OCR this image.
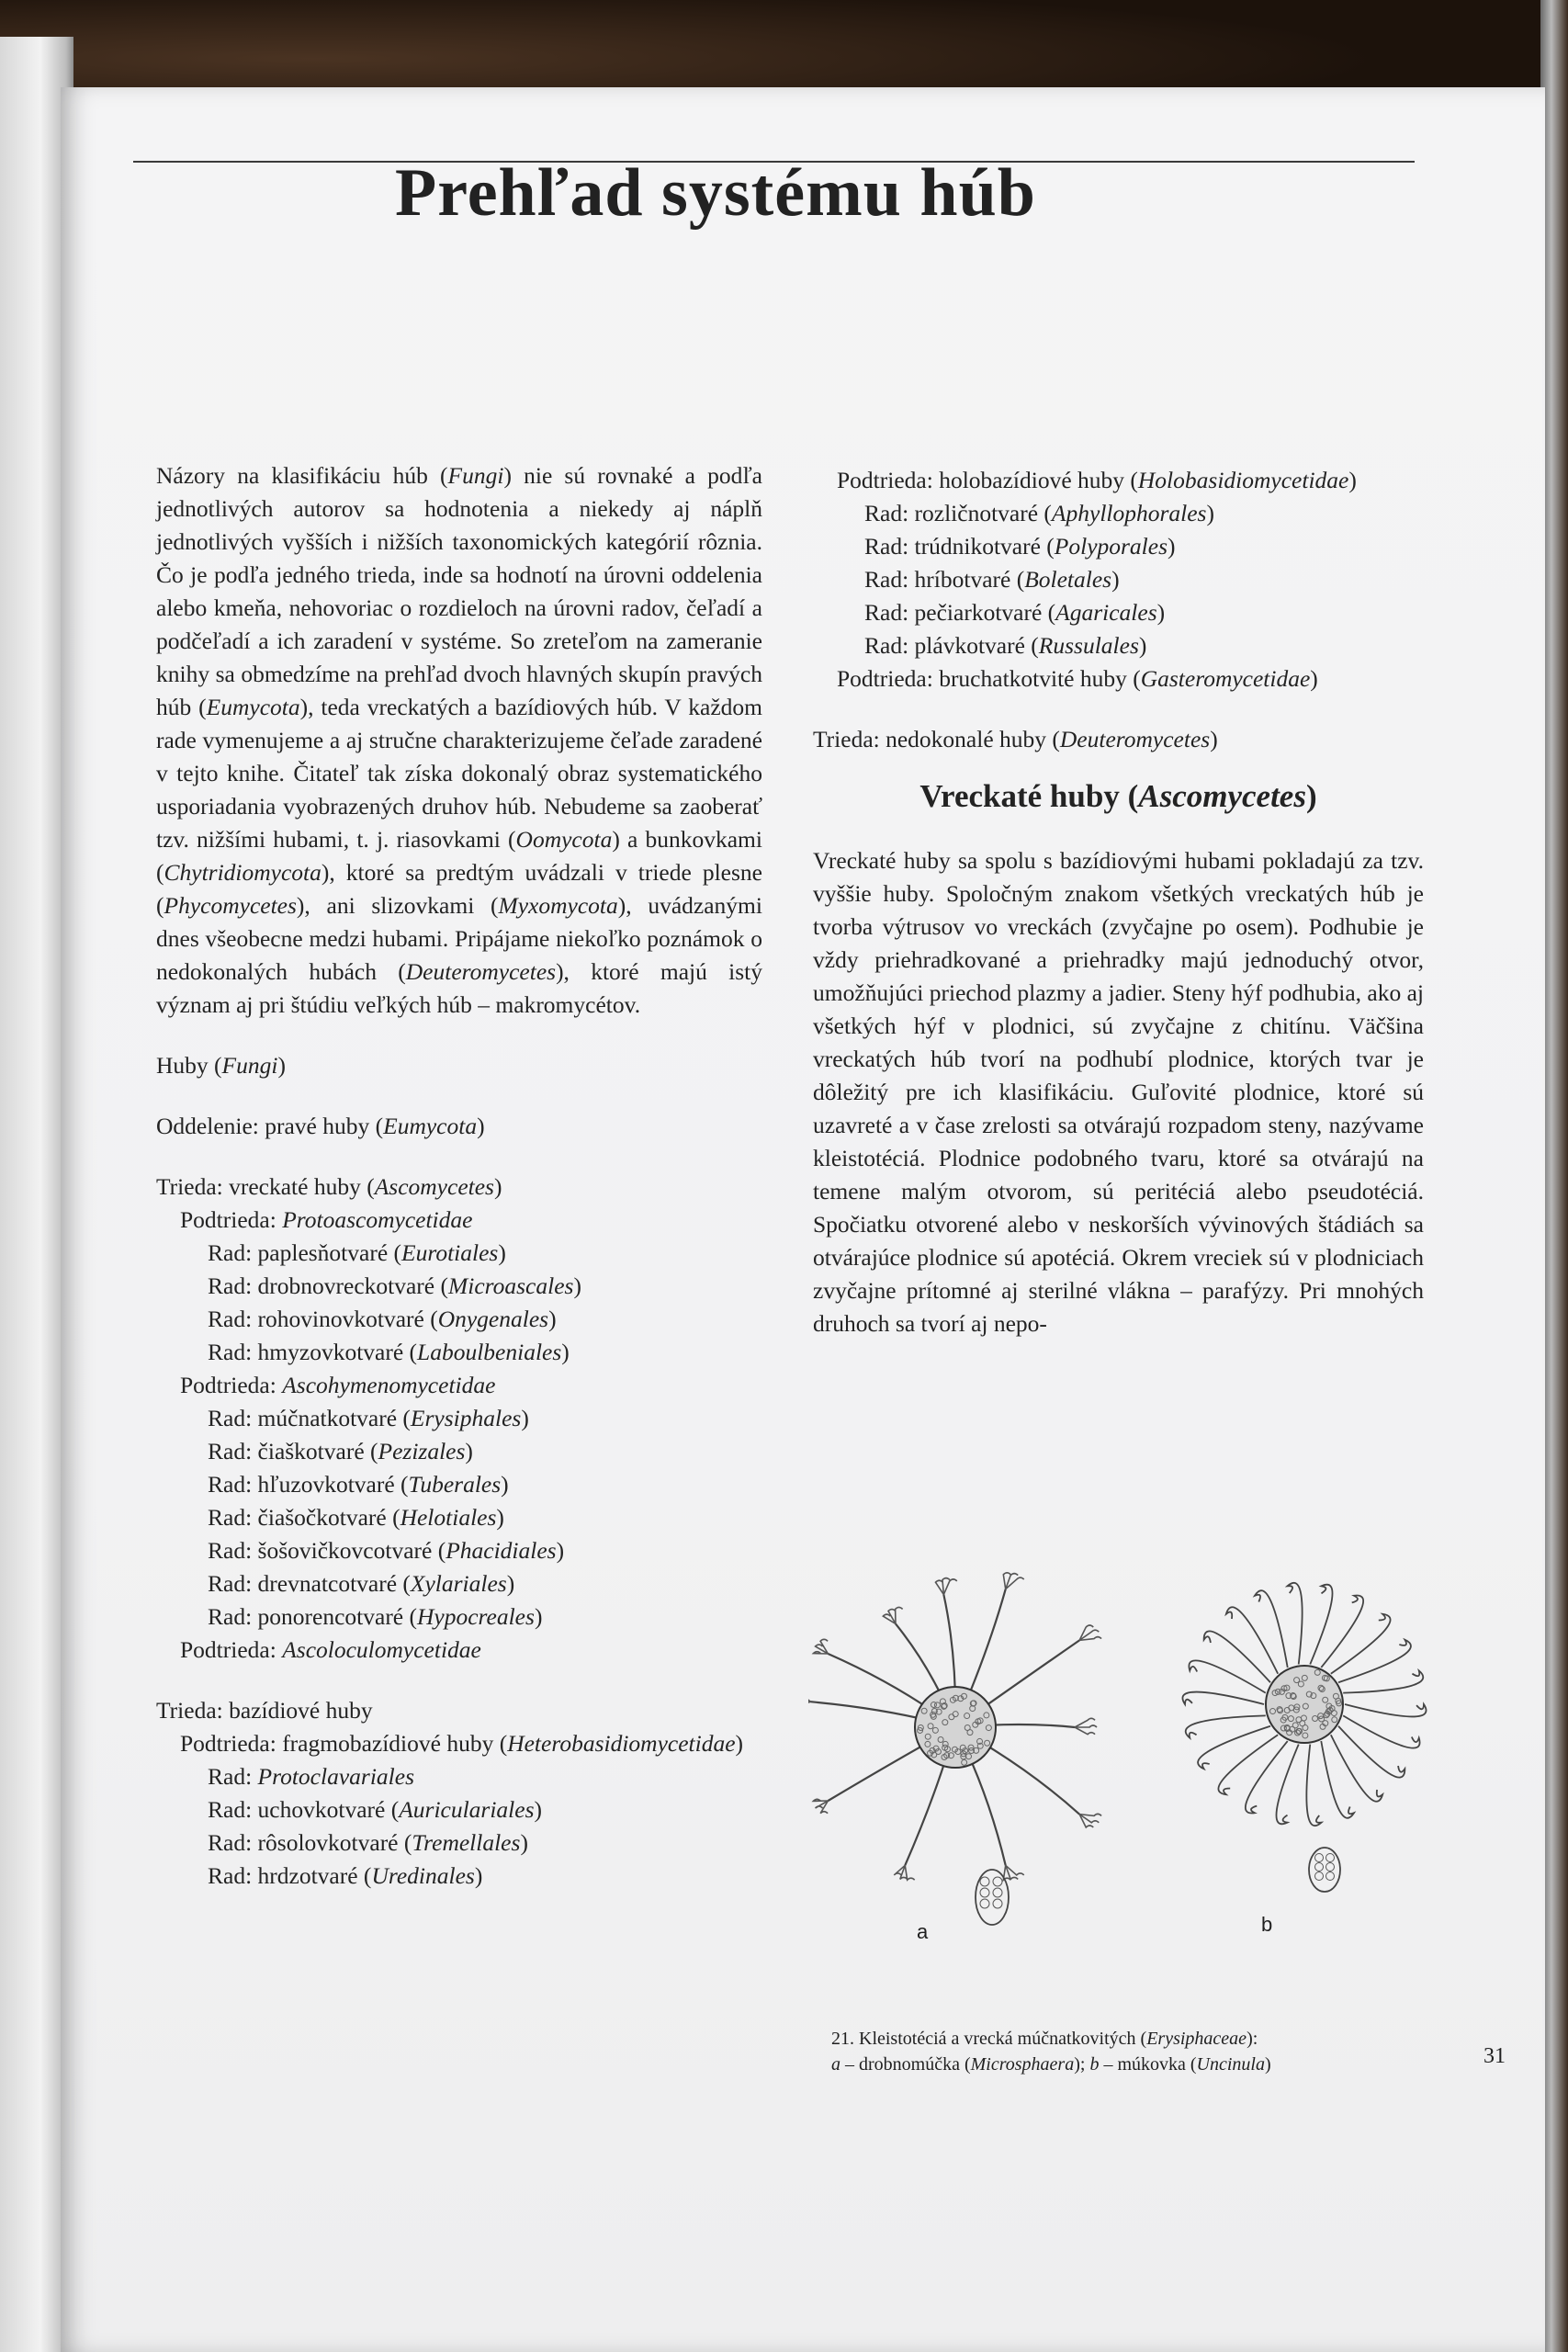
Prehľad systému húb

Názory na klasifikáciu húb (Fungi) nie sú rovnaké a podľa jednotlivých autorov sa hodnotenia a niekedy aj náplň jednotlivých vyšších i nižších taxonomických kategórií rôznia. Čo je podľa jedného trieda, inde sa hodnotí na úrovni oddelenia alebo kmeňa, nehovoriac o rozdieloch na úrovni radov, čeľadí a podčeľadí a ich zaradení v systéme. So zreteľom na zameranie knihy sa obmedzíme na prehľad dvoch hlavných skupín pravých húb (Eumycota), teda vreckatých a bazídiových húb. V každom rade vymenujeme a aj stručne charakterizujeme čeľade zaradené v tejto knihe. Čitateľ tak získa dokonalý obraz systematického usporiadania vyobrazených druhov húb. Nebudeme sa zaoberať tzv. nižšími hubami, t. j. riasovkami (Oomycota) a bunkovkami (Chytridiomycota), ktoré sa predtým uvádzali v triede plesne (Phycomycetes), ani slizovkami (Myxomycota), uvádzanými dnes všeobecne medzi hubami. Pripájame niekoľko poznámok o nedokonalých hubách (Deuteromycetes), ktoré majú istý význam aj pri štúdiu veľkých húb – makromycétov.

Huby (Fungi)

Oddelenie: pravé huby (Eumycota)

Trieda: vreckaté huby (Ascomycetes)

Podtrieda: Protoascomycetidae

Rad: paplesňotvaré (Eurotiales)

Rad: drobnovreckotvaré (Microascales)

Rad: rohovinovkotvaré (Onygenales)

Rad: hmyzovkotvaré (Laboulbeniales)

Podtrieda: Ascohymenomycetidae

Rad: múčnatkotvaré (Erysiphales)

Rad: čiaškotvaré (Pezizales)

Rad: hľuzovkotvaré (Tuberales)

Rad: čiašočkotvaré (Helotiales)

Rad: šošovičkovcotvaré (Phacidiales)

Rad: drevnatcotvaré (Xylariales)

Rad: ponorencotvaré (Hypocreales)

Podtrieda: Ascoloculomycetidae

Trieda: bazídiové huby

Podtrieda: fragmobazídiové huby (Heterobasidiomycetidae)

Rad: Protoclavariales

Rad: uchovkotvaré (Auriculariales)

Rad: rôsolovkotvaré (Tremellales)

Rad: hrdzotvaré (Uredinales)

Podtrieda: holobazídiové huby (Holobasidiomycetidae)

Rad: rozličnotvaré (Aphyllophorales)

Rad: trúdnikotvaré (Polyporales)

Rad: hríbotvaré (Boletales)

Rad: pečiarkotvaré (Agaricales)

Rad: plávkotvaré (Russulales)

Podtrieda: bruchatkotvité huby (Gasteromycetidae)

Trieda: nedokonalé huby (Deuteromycetes)

Vreckaté huby (Ascomycetes)

Vreckaté huby sa spolu s bazídiovými hubami pokladajú za tzv. vyššie huby. Spoločným znakom všetkých vreckatých húb je tvorba výtrusov vo vreckách (zvyčajne po osem). Podhubie je vždy priehradkované a priehradky majú jednoduchý otvor, umožňujúci priechod plazmy a jadier. Steny hýf podhubia, ako aj všetkých hýf v plodnici, sú zvyčajne z chitínu. Väčšina vreckatých húb tvorí na podhubí plodnice, ktorých tvar je dôležitý pre ich klasifikáciu. Guľovité plodnice, ktoré sú uzavreté a v čase zrelosti sa otvárajú rozpadom steny, nazývame kleistotéciá. Plodnice podobného tvaru, ktoré sa otvárajú na temene malým otvorom, sú peritéciá alebo pseudotéciá. Spočiatku otvorené alebo v neskorších vývinových štádiách sa otvárajúce plodnice sú apotéciá. Okrem vreciek sú v plodniciach zvyčajne prítomné aj sterilné vlákna – parafýzy. Pri mnohých druhoch sa tvorí aj nepo-

a	b
21. Kleistotéciá a vrecká múčnatkovitých (Erysiphaceae):
a – drobnomúčka (Microsphaera); b – múkovka (Uncinula)	31
